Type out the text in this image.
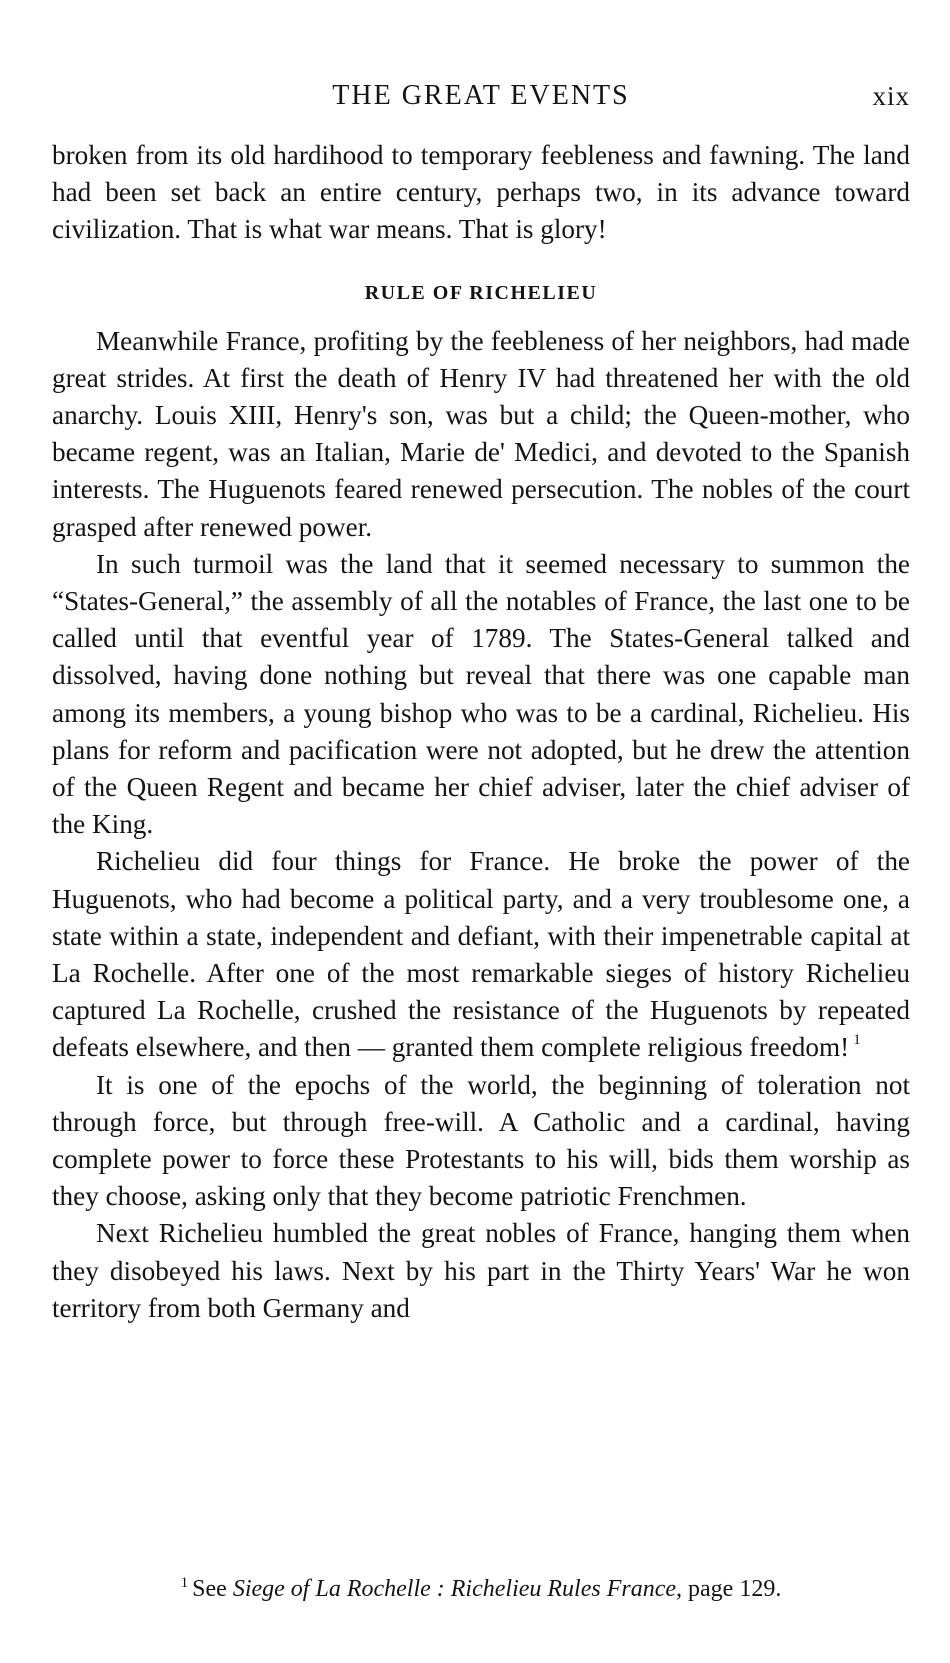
THE GREAT EVENTS	xix

broken from its old hardihood to temporary feebleness and fawning. The land had been set back an entire century, perhaps two, in its advance toward civilization. That is what war means. That is glory!

RULE OF RICHELIEU

Meanwhile France, profiting by the feebleness of her neighbors, had made great strides. At first the death of Henry IV had threatened her with the old anarchy. Louis XIII, Henry's son, was but a child; the Queen-mother, who became regent, was an Italian, Marie de' Medici, and devoted to the Spanish interests. The Huguenots feared renewed persecution. The nobles of the court grasped after renewed power.

In such turmoil was the land that it seemed necessary to summon the “States-General,” the assembly of all the notables of France, the last one to be called until that eventful year of 1789. The States-General talked and dissolved, having done nothing but reveal that there was one capable man among its members, a young bishop who was to be a cardinal, Richelieu. His plans for reform and pacification were not adopted, but he drew the attention of the Queen Regent and became her chief adviser, later the chief adviser of the King.

Richelieu did four things for France. He broke the power of the Huguenots, who had become a political party, and a very troublesome one, a state within a state, independent and defiant, with their impenetrable capital at La Rochelle. After one of the most remarkable sieges of history Richelieu captured La Rochelle, crushed the resistance of the Huguenots by repeated defeats elsewhere, and then — granted them complete religious freedom! $^1$

It is one of the epochs of the world, the beginning of toleration not through force, but through free-will. A Catholic and a cardinal, having complete power to force these Protestants to his will, bids them worship as they choose, asking only that they become patriotic Frenchmen.

Next Richelieu humbled the great nobles of France, hanging them when they disobeyed his laws. Next by his part in the Thirty Years' War he won territory from both Germany and

$^1$ See Siege of La Rochelle : Richelieu Rules France, page 129.
